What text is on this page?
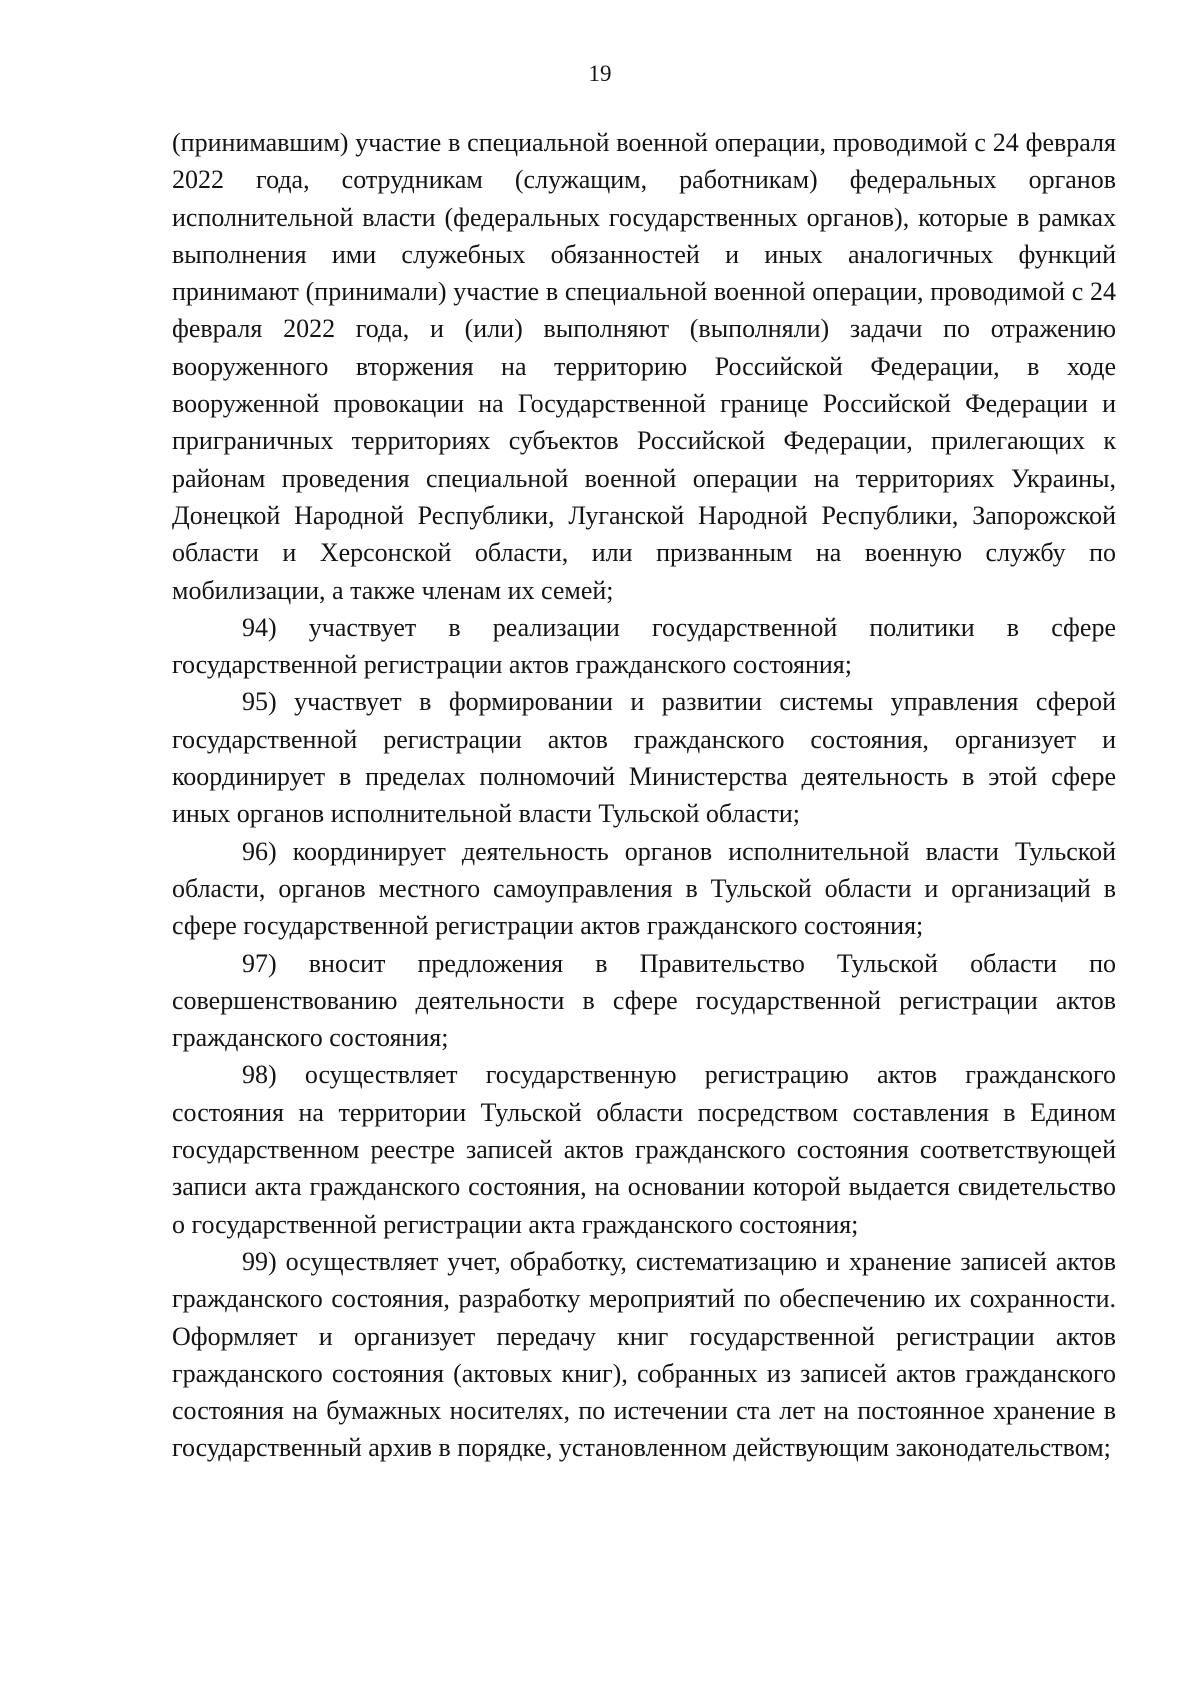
19

(принимавшим) участие в специальной военной операции, проводимой с 24 февраля 2022 года, сотрудникам (служащим, работникам) федеральных органов исполнительной власти (федеральных государственных органов), которые в рамках выполнения ими служебных обязанностей и иных аналогичных функций принимают (принимали) участие в специальной военной операции, проводимой с 24 февраля 2022 года, и (или) выполняют (выполняли) задачи по отражению вооруженного вторжения на территорию Российской Федерации, в ходе вооруженной провокации на Государственной границе Российской Федерации и приграничных территориях субъектов Российской Федерации, прилегающих к районам проведения специальной военной операции на территориях Украины, Донецкой Народной Республики, Луганской Народной Республики, Запорожской области и Херсонской области, или призванным на военную службу по мобилизации, а также членам их семей;

94) участвует в реализации государственной политики в сфере государственной регистрации актов гражданского состояния;

95) участвует в формировании и развитии системы управления сферой государственной регистрации актов гражданского состояния, организует и координирует в пределах полномочий Министерства деятельность в этой сфере иных органов исполнительной власти Тульской области;

96) координирует деятельность органов исполнительной власти Тульской области, органов местного самоуправления в Тульской области и организаций в сфере государственной регистрации актов гражданского состояния;

97) вносит предложения в Правительство Тульской области по совершенствованию деятельности в сфере государственной регистрации актов гражданского состояния;

98) осуществляет государственную регистрацию актов гражданского состояния на территории Тульской области посредством составления в Едином государственном реестре записей актов гражданского состояния соответствующей записи акта гражданского состояния, на основании которой выдается свидетельство о государственной регистрации акта гражданского состояния;

99) осуществляет учет, обработку, систематизацию и хранение записей актов гражданского состояния, разработку мероприятий по обеспечению их сохранности. Оформляет и организует передачу книг государственной регистрации актов гражданского состояния (актовых книг), собранных из записей актов гражданского состояния на бумажных носителях, по истечении ста лет на постоянное хранение в государственный архив в порядке, установленном действующим законодательством;
